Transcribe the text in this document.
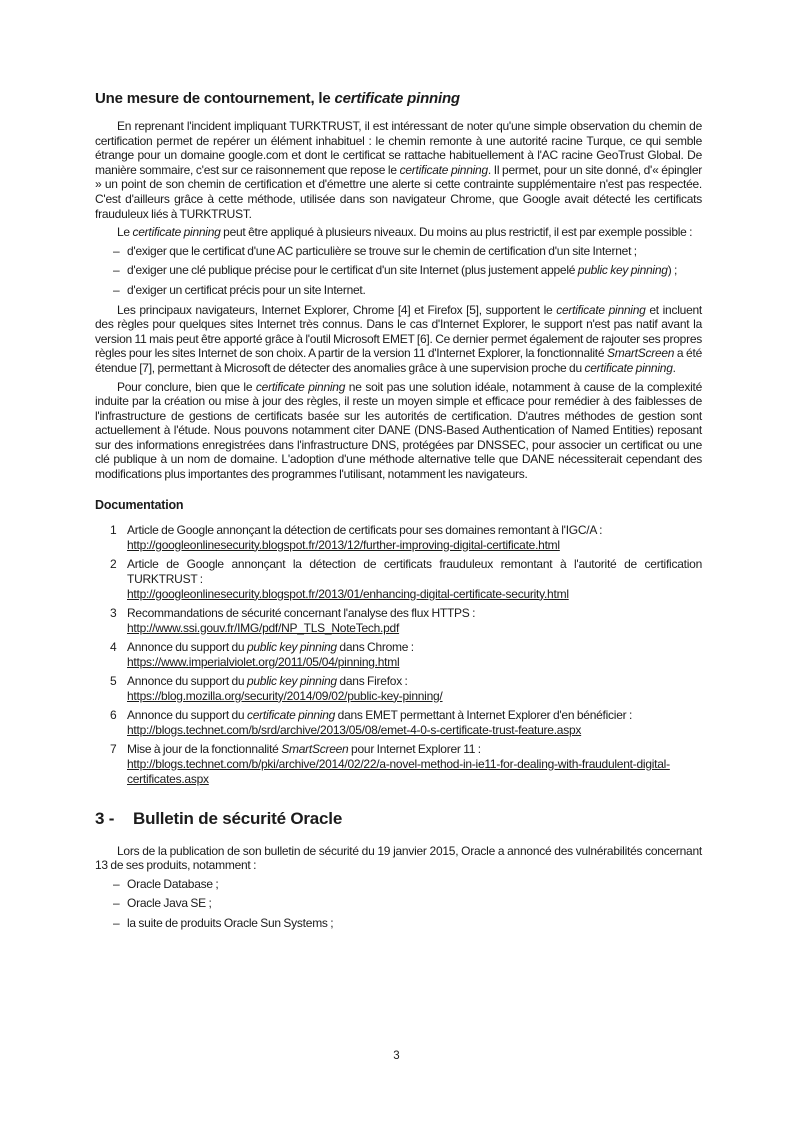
Une mesure de contournement, le certificate pinning

En reprenant l'incident impliquant TURKTRUST, il est intéressant de noter qu'une simple observation du chemin de certification permet de repérer un élément inhabituel : le chemin remonte à une autorité racine Turque, ce qui semble étrange pour un domaine google.com et dont le certificat se rattache habituellement à l'AC racine GeoTrust Global. De manière sommaire, c'est sur ce raisonnement que repose le certificate pinning. Il permet, pour un site donné, d'« épingler » un point de son chemin de certification et d'émettre une alerte si cette contrainte supplémentaire n'est pas respectée. C'est d'ailleurs grâce à cette méthode, utilisée dans son navigateur Chrome, que Google avait détecté les certificats frauduleux liés à TURKTRUST.

Le certificate pinning peut être appliqué à plusieurs niveaux. Du moins au plus restrictif, il est par exemple possible :

– d'exiger que le certificat d'une AC particulière se trouve sur le chemin de certification d'un site Internet ;
– d'exiger une clé publique précise pour le certificat d'un site Internet (plus justement appelé public key pinning) ;
– d'exiger un certificat précis pour un site Internet.

Les principaux navigateurs, Internet Explorer, Chrome [4] et Firefox [5], supportent le certificate pinning et incluent des règles pour quelques sites Internet très connus. Dans le cas d'Internet Explorer, le support n'est pas natif avant la version 11 mais peut être apporté grâce à l'outil Microsoft EMET [6]. Ce dernier permet également de rajouter ses propres règles pour les sites Internet de son choix. A partir de la version 11 d'Internet Explorer, la fonctionnalité SmartScreen a été étendue [7], permettant à Microsoft de détecter des anomalies grâce à une supervision proche du certificate pinning.

Pour conclure, bien que le certificate pinning ne soit pas une solution idéale, notamment à cause de la complexité induite par la création ou mise à jour des règles, il reste un moyen simple et efficace pour remédier à des faiblesses de l'infrastructure de gestions de certificats basée sur les autorités de certification. D'autres méthodes de gestion sont actuellement à l'étude. Nous pouvons notamment citer DANE (DNS-Based Authentication of Named Entities) reposant sur des informations enregistrées dans l'infrastructure DNS, protégées par DNSSEC, pour associer un certificat ou une clé publique à un nom de domaine. L'adoption d'une méthode alternative telle que DANE nécessiterait cependant des modifications plus importantes des programmes l'utilisant, notamment les navigateurs.

Documentation
1 Article de Google annonçant la détection de certificats pour ses domaines remontant à l'IGC/A :
http://googleonlinesecurity.blogspot.fr/2013/12/further-improving-digital-certificate.html
2 Article de Google annonçant la détection de certificats frauduleux remontant à l'autorité de certification TURKTRUST :
http://googleonlinesecurity.blogspot.fr/2013/01/enhancing-digital-certificate-security.html
3 Recommandations de sécurité concernant l'analyse des flux HTTPS :
http://www.ssi.gouv.fr/IMG/pdf/NP_TLS_NoteTech.pdf
4 Annonce du support du public key pinning dans Chrome :
https://www.imperialviolet.org/2011/05/04/pinning.html
5 Annonce du support du public key pinning dans Firefox :
https://blog.mozilla.org/security/2014/09/02/public-key-pinning/
6 Annonce du support du certificate pinning dans EMET permettant à Internet Explorer d'en bénéficier :
http://blogs.technet.com/b/srd/archive/2013/05/08/emet-4-0-s-certificate-trust-feature.aspx
7 Mise à jour de la fonctionnalité SmartScreen pour Internet Explorer 11 :
http://blogs.technet.com/b/pki/archive/2014/02/22/a-novel-method-in-ie11-for-dealing-with-fraudulent-digital-certificates.aspx
3 -	Bulletin de sécurité Oracle

Lors de la publication de son bulletin de sécurité du 19 janvier 2015, Oracle a annoncé des vulnérabilités concernant 13 de ses produits, notamment :

– Oracle Database ;
– Oracle Java SE ;
– la suite de produits Oracle Sun Systems ;
3
